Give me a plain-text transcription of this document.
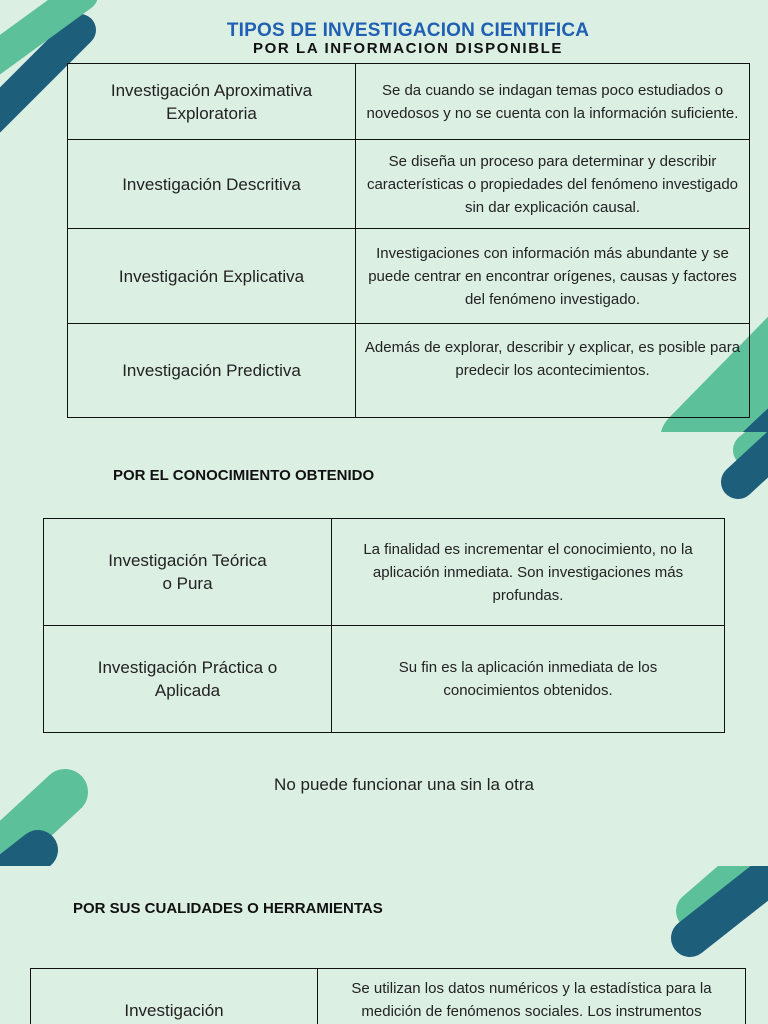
TIPOS DE INVESTIGACION CIENTIFICA
POR LA INFORMACION DISPONIBLE
Investigación Aproximativa Exploratoria	Se da cuando se indagan temas poco estudiados o novedosos y no se cuenta con la información suficiente.
Investigación Descritiva	Se diseña un proceso para determinar y describir características o propiedades del fenómeno investigado sin dar explicación causal.
Investigación Explicativa	Investigaciones con información más abundante y se puede centrar en encontrar orígenes, causas y factores del fenómeno investigado.
Investigación Predictiva	Además de explorar, describir y explicar, es posible para predecir los acontecimientos.
POR EL CONOCIMIENTO OBTENIDO
Investigación Teórica o Pura	La finalidad es incrementar el conocimiento, no la aplicación inmediata. Son investigaciones más profundas.
Investigación Práctica o Aplicada	Su fin es la aplicación inmediata de los conocimientos obtenidos.
No puede funcionar una sin la otra
POR SUS CUALIDADES O HERRAMIENTAS
Investigación	Se utilizan los datos numéricos y la estadística para la medición de fenómenos sociales. Los instrumentos
